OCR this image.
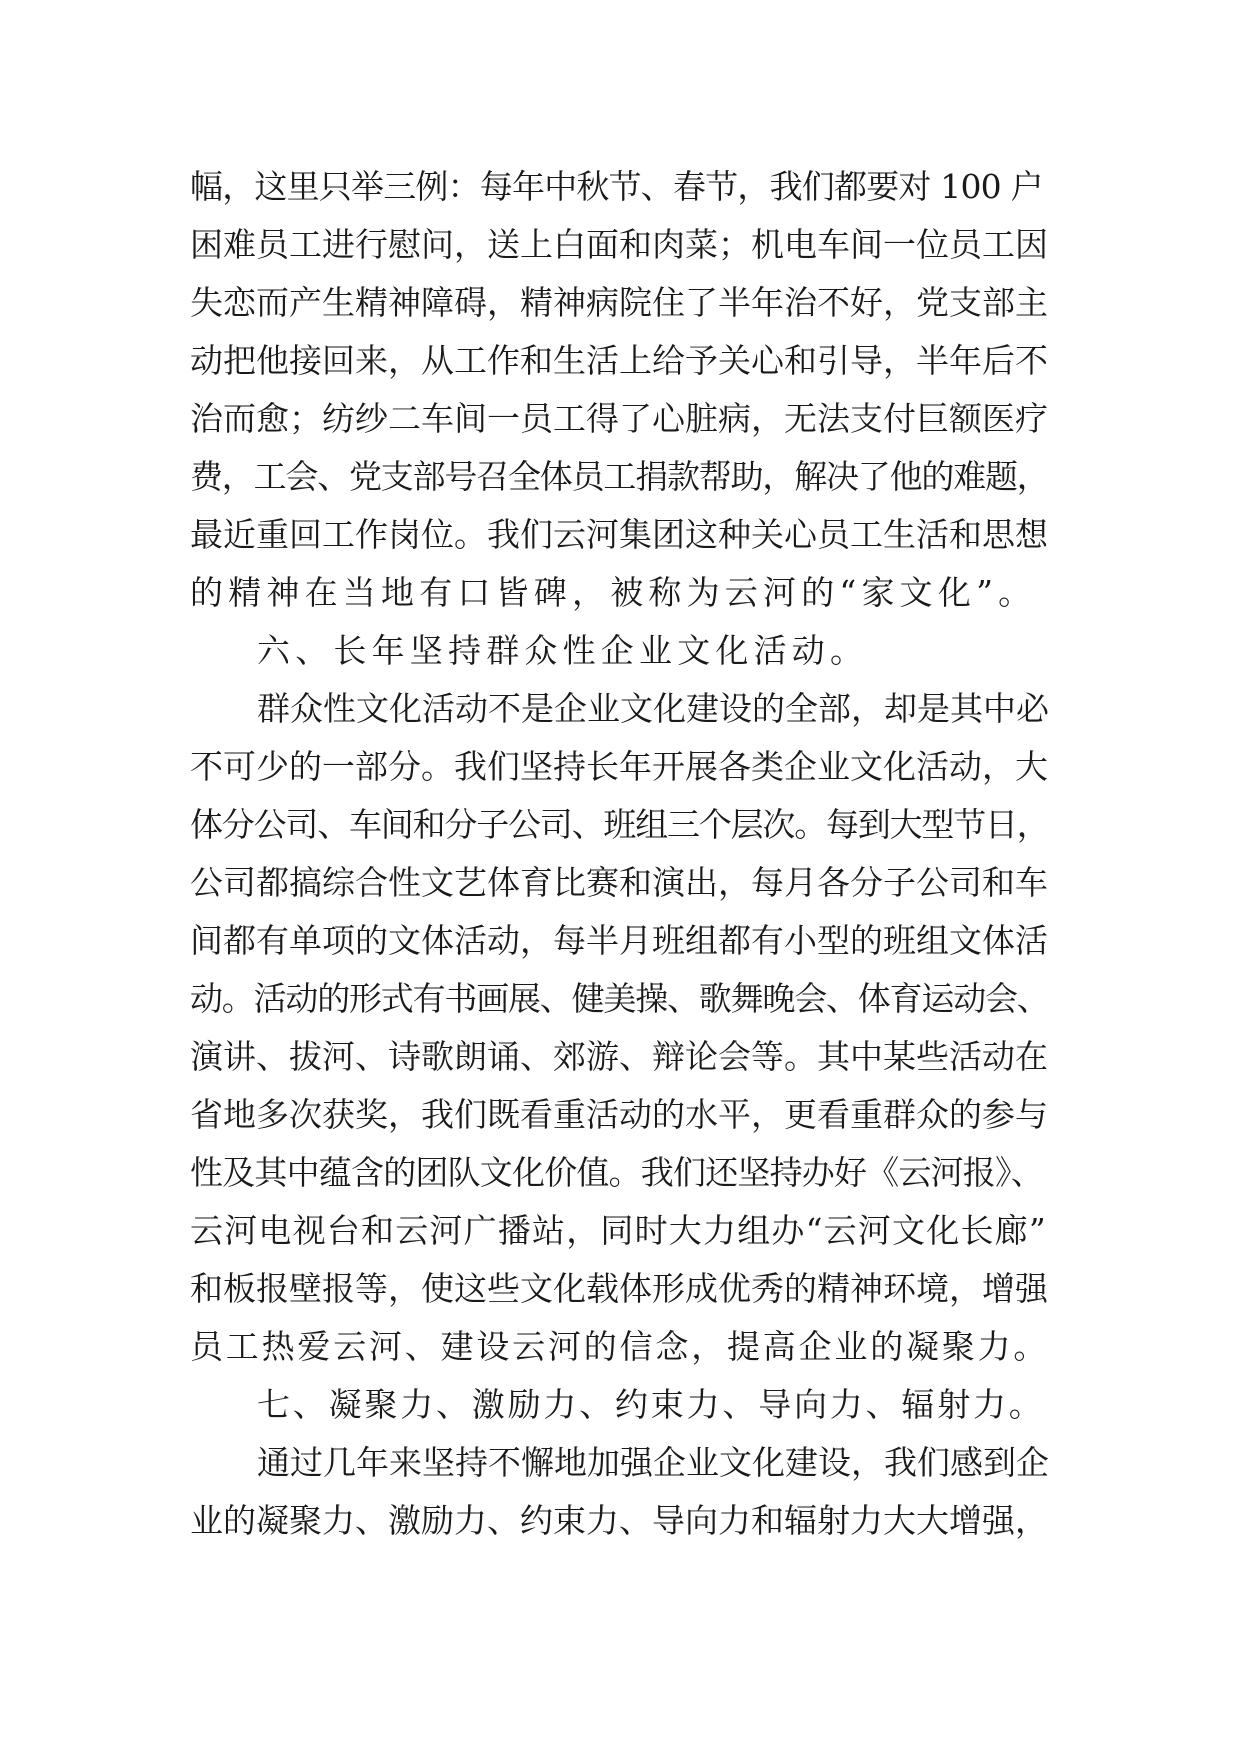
幅，这里只举三例：每年中秋节、春节，我们都要对 100 户
困难员工进行慰问，送上白面和肉菜；机电车间一位员工因
失恋而产生精神障碍，精神病院住了半年治不好，党支部主
动把他接回来，从工作和生活上给予关心和引导，半年后不
治而愈；纺纱二车间一员工得了心脏病，无法支付巨额医疗
费，工会、党支部号召全体员工捐款帮助，解决了他的难题，
最近重回工作岗位。我们云河集团这种关心员工生活和思想
的精神在当地有口皆碑，被称为云河的“家文化”。
六、长年坚持群众性企业文化活动。
群众性文化活动不是企业文化建设的全部，却是其中必
不可少的一部分。我们坚持长年开展各类企业文化活动，大
体分公司、车间和分子公司、班组三个层次。每到大型节日，
公司都搞综合性文艺体育比赛和演出，每月各分子公司和车
间都有单项的文体活动，每半月班组都有小型的班组文体活
动。活动的形式有书画展、健美操、歌舞晚会、体育运动会、
演讲、拔河、诗歌朗诵、郊游、辩论会等。其中某些活动在
省地多次获奖，我们既看重活动的水平，更看重群众的参与
性及其中蕴含的团队文化价值。我们还坚持办好《云河报》、
云河电视台和云河广播站，同时大力组办“云河文化长廊”
和板报壁报等，使这些文化载体形成优秀的精神环境，增强
员工热爱云河、建设云河的信念，提高企业的凝聚力。
七、凝聚力、激励力、约束力、导向力、辐射力。
通过几年来坚持不懈地加强企业文化建设，我们感到企
业的凝聚力、激励力、约束力、导向力和辐射力大大增强，
